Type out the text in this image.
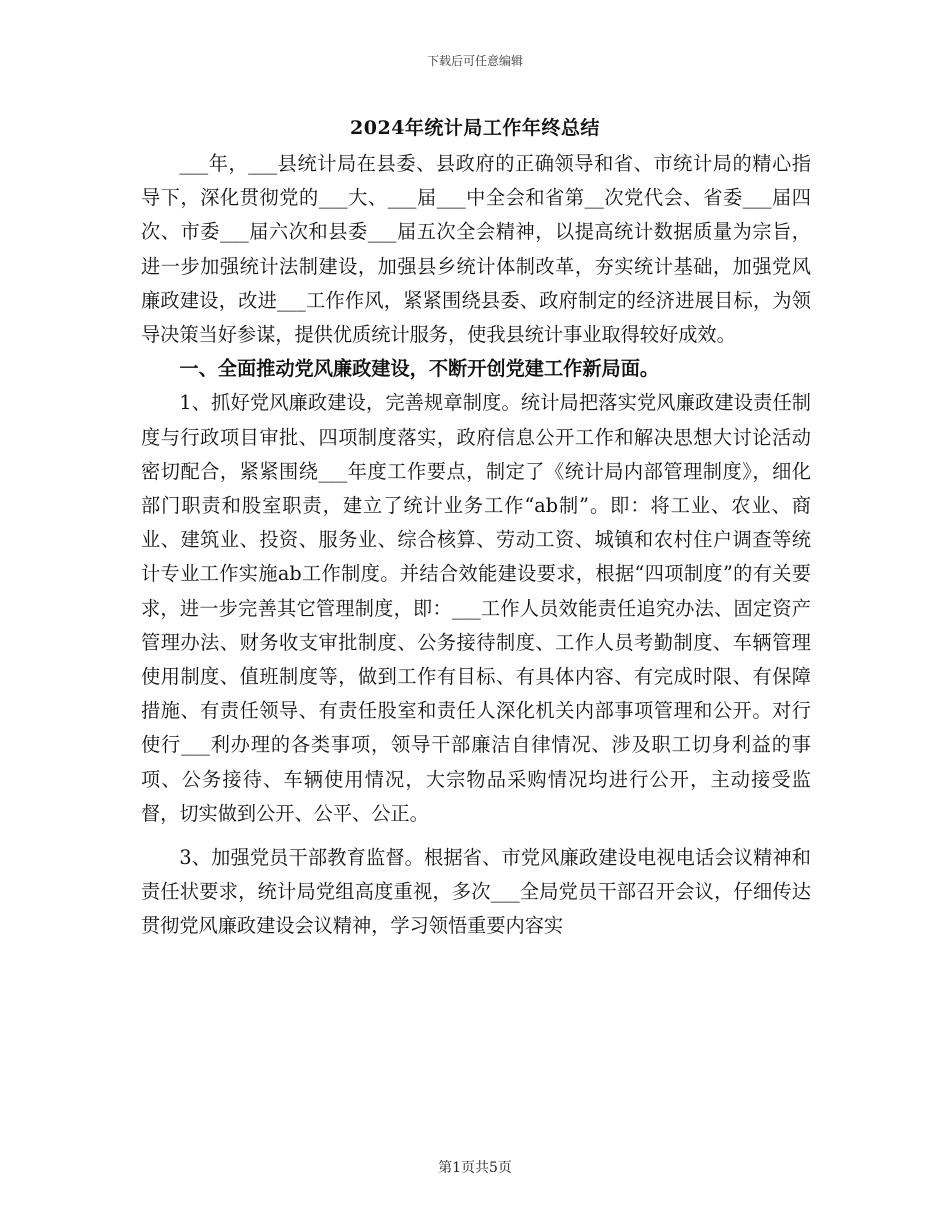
下载后可任意编辑
2024年统计局工作年终总结

___年，___县统计局在县委、县政府的正确领导和省、市统计局的精心指导下，深化贯彻党的___大、___届___中全会和省第__次党代会、省委___届四次、市委___届六次和县委___届五次全会精神，以提高统计数据质量为宗旨，进一步加强统计法制建设，加强县乡统计体制改革，夯实统计基础，加强党风廉政建设，改进___工作作风，紧紧围绕县委、政府制定的经济进展目标，为领导决策当好参谋，提供优质统计服务，使我县统计事业取得较好成效。

一、全面推动党风廉政建设，不断开创党建工作新局面。

1、抓好党风廉政建设，完善规章制度。统计局把落实党风廉政建设责任制度与行政项目审批、四项制度落实，政府信息公开工作和解决思想大讨论活动密切配合，紧紧围绕___年度工作要点，制定了《统计局内部管理制度》，细化部门职责和股室职责，建立了统计业务工作“ab制”。即：将工业、农业、商业、建筑业、投资、服务业、综合核算、劳动工资、城镇和农村住户调查等统计专业工作实施ab工作制度。并结合效能建设要求，根据“四项制度”的有关要求，进一步完善其它管理制度，即：___工作人员效能责任追究办法、固定资产管理办法、财务收支审批制度、公务接待制度、工作人员考勤制度、车辆管理使用制度、值班制度等，做到工作有目标、有具体内容、有完成时限、有保障措施、有责任领导、有责任股室和责任人深化机关内部事项管理和公开。对行使行___利办理的各类事项，领导干部廉洁自律情况、涉及职工切身利益的事项、公务接待、车辆使用情况，大宗物品采购情况均进行公开，主动接受监督，切实做到公开、公平、公正。

3、加强党员干部教育监督。根据省、市党风廉政建设电视电话会议精神和责任状要求，统计局党组高度重视，多次___全局党员干部召开会议，仔细传达贯彻党风廉政建设会议精神，学习领悟重要内容实

第1页共5页
